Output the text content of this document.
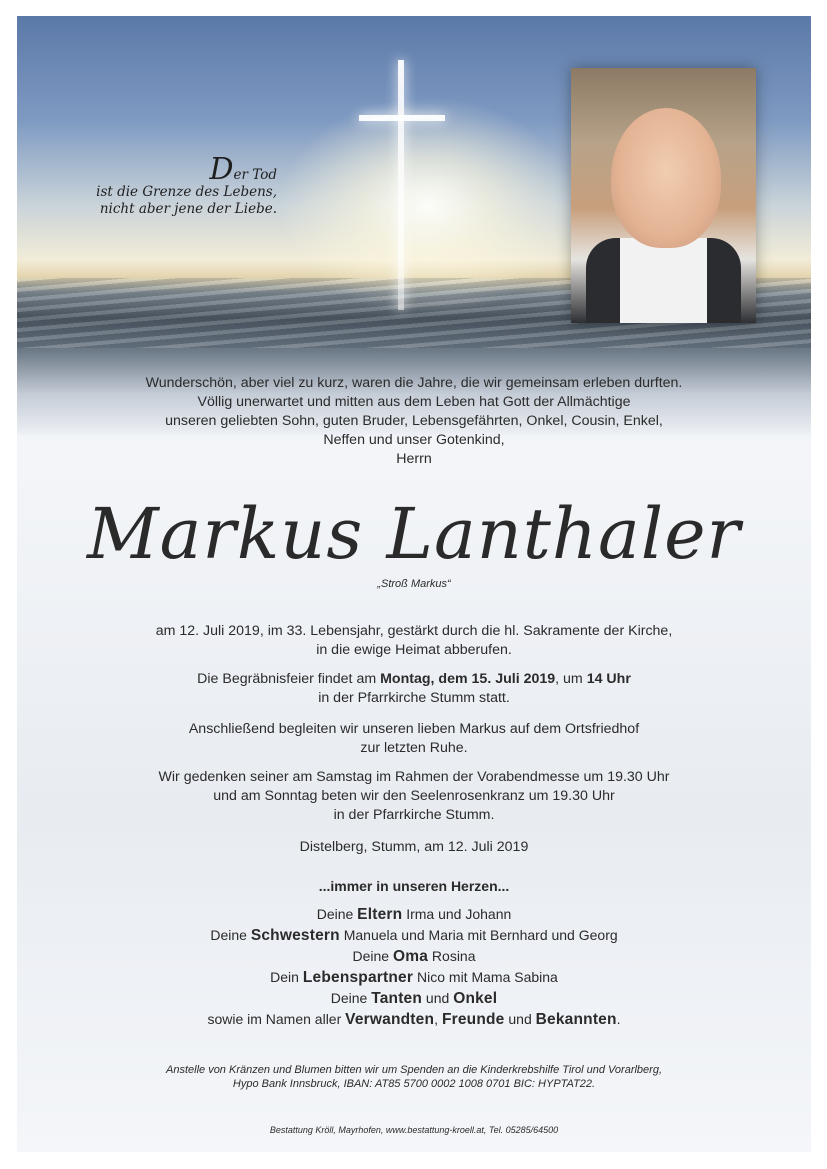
Der Tod
ist die Grenze des Lebens,
nicht aber jene der Liebe.
Wunderschön, aber viel zu kurz, waren die Jahre, die wir gemeinsam erleben durften.
Völlig unerwartet und mitten aus dem Leben hat Gott der Allmächtige
unseren geliebten Sohn, guten Bruder, Lebensgefährten, Onkel, Cousin, Enkel,
Neffen und unser Gotenkind,
Herrn
Markus Lanthaler
„Stroß Markus“
am 12. Juli 2019, im 33. Lebensjahr, gestärkt durch die hl. Sakramente der Kirche,
in die ewige Heimat abberufen.
Die Begräbnisfeier findet am Montag, dem 15. Juli 2019, um 14 Uhr
in der Pfarrkirche Stumm statt.
Anschließend begleiten wir unseren lieben Markus auf dem Ortsfriedhof
zur letzten Ruhe.
Wir gedenken seiner am Samstag im Rahmen der Vorabendmesse um 19.30 Uhr
und am Sonntag beten wir den Seelenrosenkranz um 19.30 Uhr
in der Pfarrkirche Stumm.
Distelberg, Stumm, am 12. Juli 2019
...immer in unseren Herzen...
Deine Eltern Irma und Johann
Deine Schwestern Manuela und Maria mit Bernhard und Georg
Deine Oma Rosina
Dein Lebenspartner Nico mit Mama Sabina
Deine Tanten und Onkel
sowie im Namen aller Verwandten, Freunde und Bekannten.
Anstelle von Kränzen und Blumen bitten wir um Spenden an die Kinderkrebshilfe Tirol und Vorarlberg,
Hypo Bank Innsbruck, IBAN: AT85 5700 0002 1008 0701 BIC: HYPTAT22.
Bestattung Kröll, Mayrhofen, www.bestattung-kroell.at, Tel. 05285/64500
